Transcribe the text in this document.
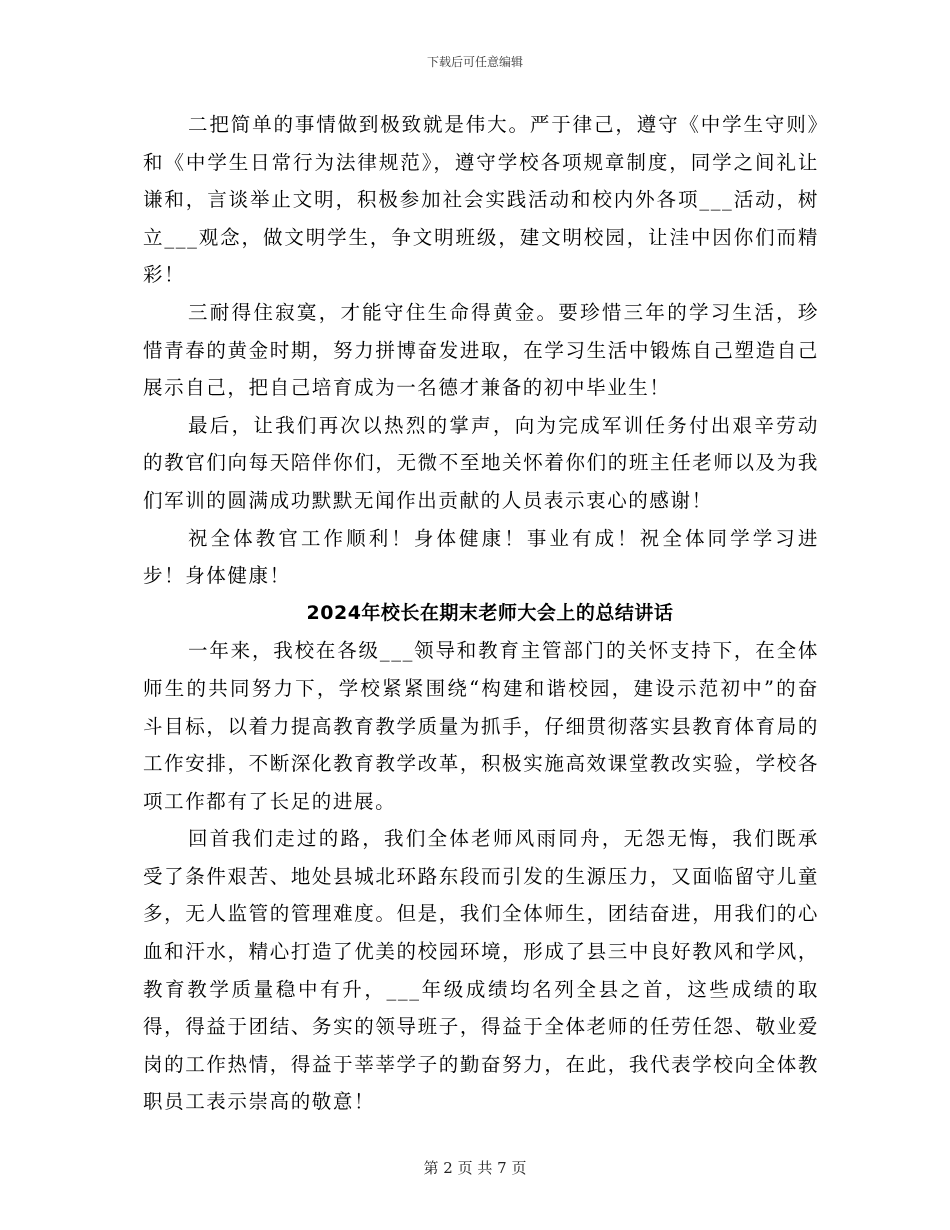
下载后可任意编辑

二把简单的事情做到极致就是伟大。严于律己，遵守《中学生守则》和《中学生日常行为法律规范》，遵守学校各项规章制度，同学之间礼让谦和，言谈举止文明，积极参加社会实践活动和校内外各项___活动，树立___观念，做文明学生，争文明班级，建文明校园，让洼中因你们而精彩！

三耐得住寂寞，才能守住生命得黄金。要珍惜三年的学习生活，珍惜青春的黄金时期，努力拼博奋发进取，在学习生活中锻炼自己塑造自己展示自己，把自己培育成为一名德才兼备的初中毕业生！

最后，让我们再次以热烈的掌声，向为完成军训任务付出艰辛劳动的教官们向每天陪伴你们，无微不至地关怀着你们的班主任老师以及为我们军训的圆满成功默默无闻作出贡献的人员表示衷心的感谢！

祝全体教官工作顺利！身体健康！事业有成！祝全体同学学习进步！身体健康！

2024年校长在期末老师大会上的总结讲话

一年来，我校在各级___领导和教育主管部门的关怀支持下，在全体师生的共同努力下，学校紧紧围绕“构建和谐校园，建设示范初中”的奋斗目标，以着力提高教育教学质量为抓手，仔细贯彻落实县教育体育局的工作安排，不断深化教育教学改革，积极实施高效课堂教改实验，学校各项工作都有了长足的进展。

回首我们走过的路，我们全体老师风雨同舟，无怨无悔，我们既承受了条件艰苦、地处县城北环路东段而引发的生源压力，又面临留守儿童多，无人监管的管理难度。但是，我们全体师生，团结奋进，用我们的心血和汗水，精心打造了优美的校园环境，形成了县三中良好教风和学风，教育教学质量稳中有升，___年级成绩均名列全县之首，这些成绩的取得，得益于团结、务实的领导班子，得益于全体老师的任劳任怨、敬业爱岗的工作热情，得益于莘莘学子的勤奋努力，在此，我代表学校向全体教职员工表示崇高的敬意！

第 2 页 共 7 页
